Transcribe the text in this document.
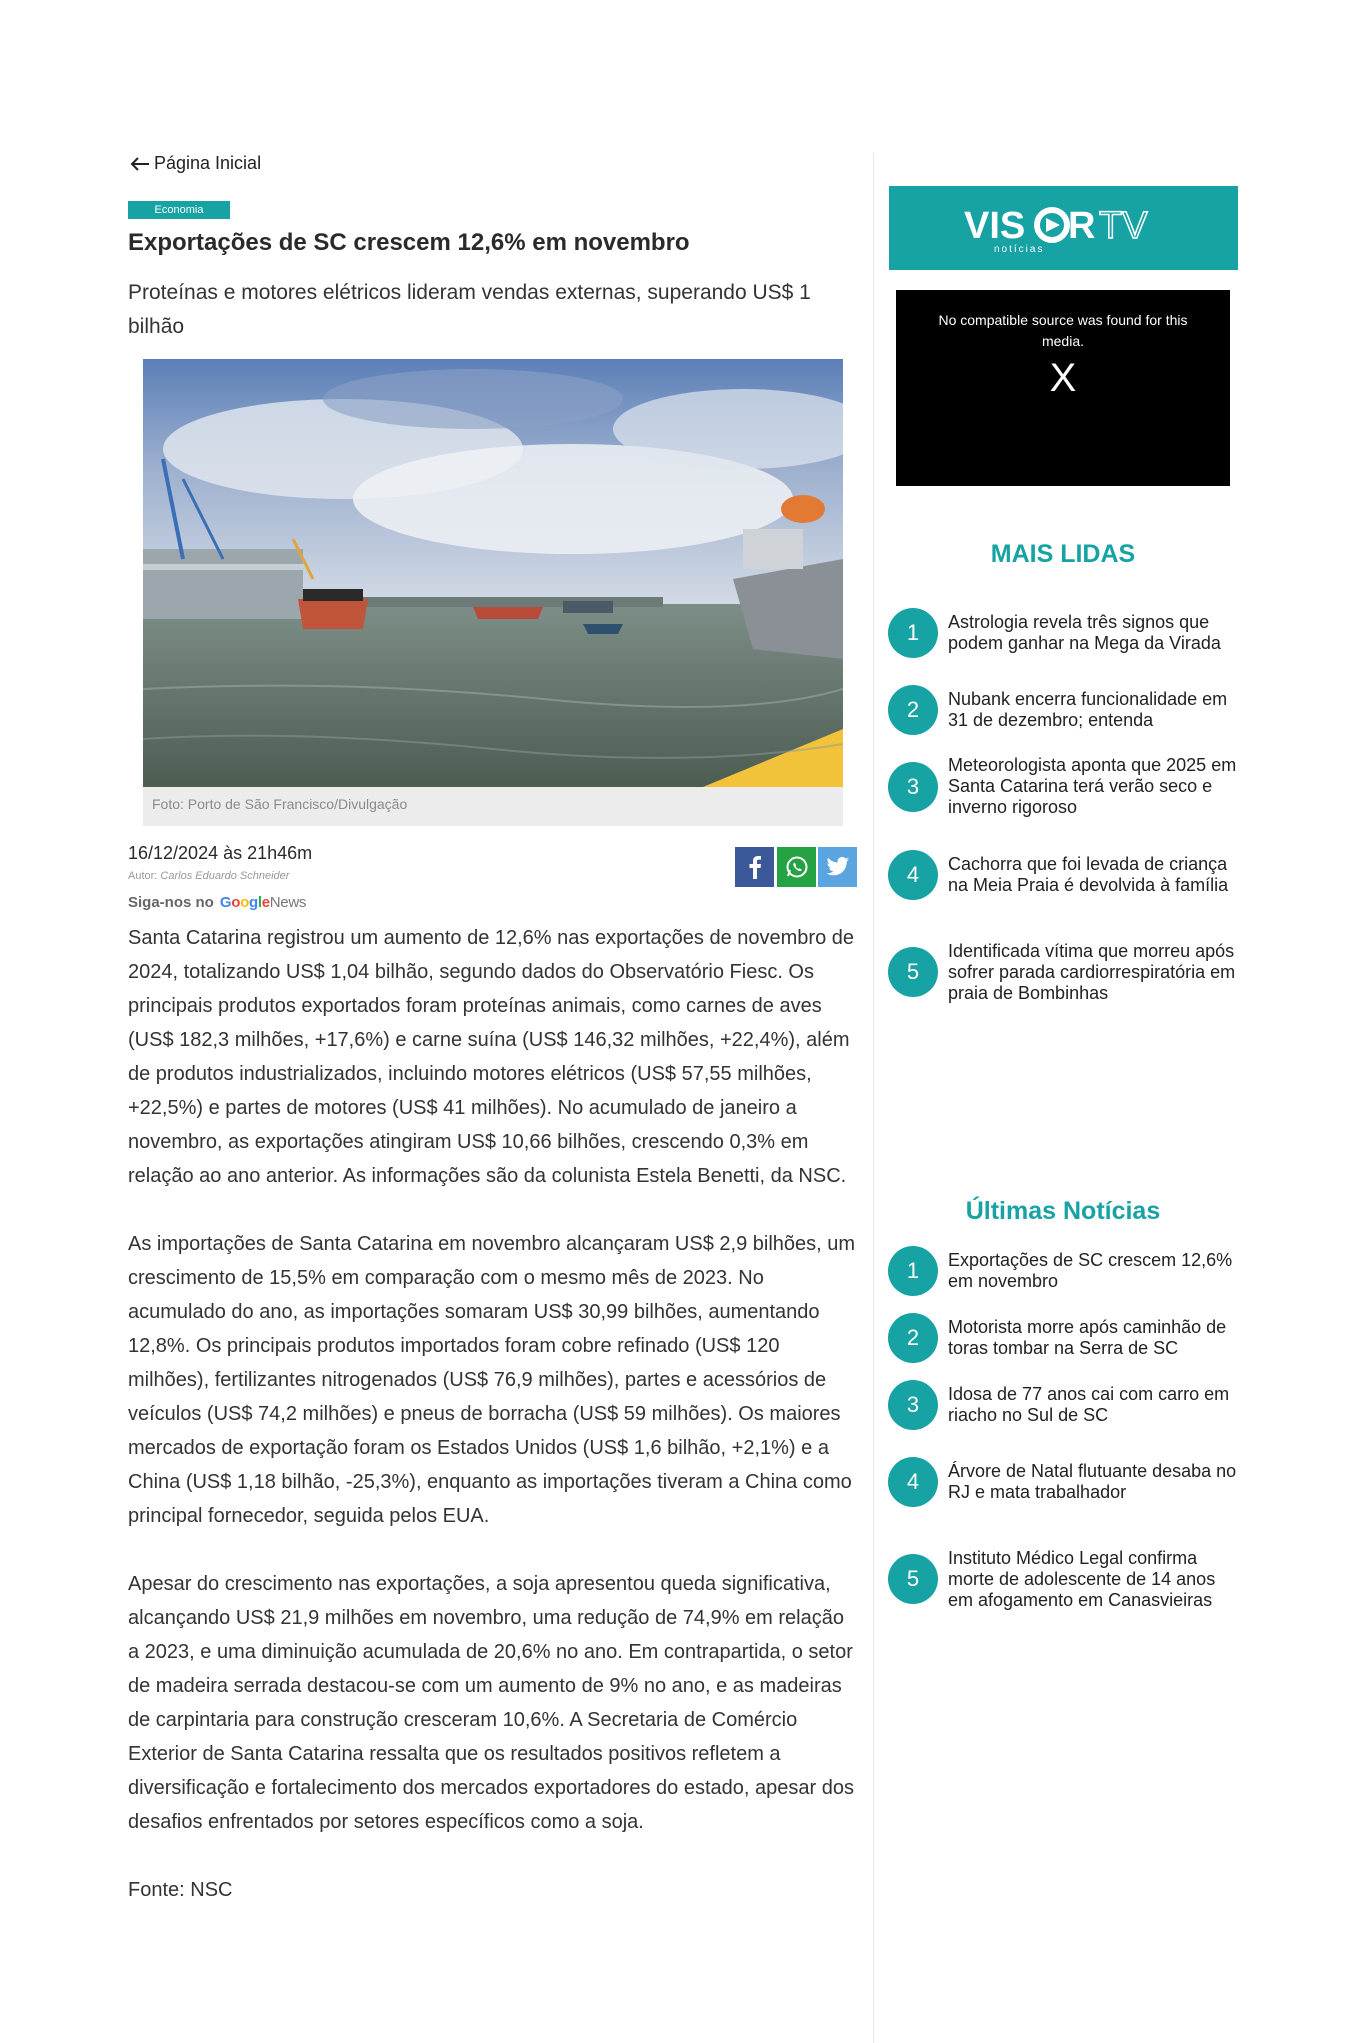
Página Inicial
Economia
Exportações de SC crescem 12,6% em novembro
Proteínas e motores elétricos lideram vendas externas, superando US$ 1 bilhão
Foto: Porto de São Francisco/Divulgação
16/12/2024 às 21h46m
Autor: Carlos Eduardo Schneider
Siga-nos no GoogleNews

Santa Catarina registrou um aumento de 12,6% nas exportações de novembro de 2024, totalizando US$ 1,04 bilhão, segundo dados do Observatório Fiesc. Os principais produtos exportados foram proteínas animais, como carnes de aves (US$ 182,3 milhões, +17,6%) e carne suína (US$ 146,32 milhões, +22,4%), além de produtos industrializados, incluindo motores elétricos (US$ 57,55 milhões, +22,5%) e partes de motores (US$ 41 milhões). No acumulado de janeiro a novembro, as exportações atingiram US$ 10,66 bilhões, crescendo 0,3% em relação ao ano anterior. As informações são da colunista Estela Benetti, da NSC.

As importações de Santa Catarina em novembro alcançaram US$ 2,9 bilhões, um crescimento de 15,5% em comparação com o mesmo mês de 2023. No acumulado do ano, as importações somaram US$ 30,99 bilhões, aumentando 12,8%. Os principais produtos importados foram cobre refinado (US$ 120 milhões), fertilizantes nitrogenados (US$ 76,9 milhões), partes e acessórios de veículos (US$ 74,2 milhões) e pneus de borracha (US$ 59 milhões). Os maiores mercados de exportação foram os Estados Unidos (US$ 1,6 bilhão, +2,1%) e a China (US$ 1,18 bilhão, -25,3%), enquanto as importações tiveram a China como principal fornecedor, seguida pelos EUA.

Apesar do crescimento nas exportações, a soja apresentou queda significativa, alcançando US$ 21,9 milhões em novembro, uma redução de 74,9% em relação a 2023, e uma diminuição acumulada de 20,6% no ano. Em contrapartida, o setor de madeira serrada destacou-se com um aumento de 9% no ano, e as madeiras de carpintaria para construção cresceram 10,6%. A Secretaria de Comércio Exterior de Santa Catarina ressalta que os resultados positivos refletem a diversificação e fortalecimento dos mercados exportadores do estado, apesar dos desafios enfrentados por setores específicos como a soja.

Fonte: NSC

VIS R TV
notícias
No compatible source was found for this media.
X
MAIS LIDAS
1	Astrologia revela três signos que podem ganhar na Mega da Virada
2	Nubank encerra funcionalidade em 31 de dezembro; entenda
3
Meteorologista aponta que 2025 em Santa Catarina terá verão seco e inverno rigoroso
4	Cachorra que foi levada de criança na Meia Praia é devolvida à família
5
Identificada vítima que morreu após sofrer parada cardiorrespiratória em praia de Bombinhas
Últimas Notícias
1	Exportações de SC crescem 12,6% em novembro
2	Motorista morre após caminhão de toras tombar na Serra de SC
3	Idosa de 77 anos cai com carro em riacho no Sul de SC
4	Árvore de Natal flutuante desaba no RJ e mata trabalhador
5
Instituto Médico Legal confirma morte de adolescente de 14 anos em afogamento em Canasvieiras
